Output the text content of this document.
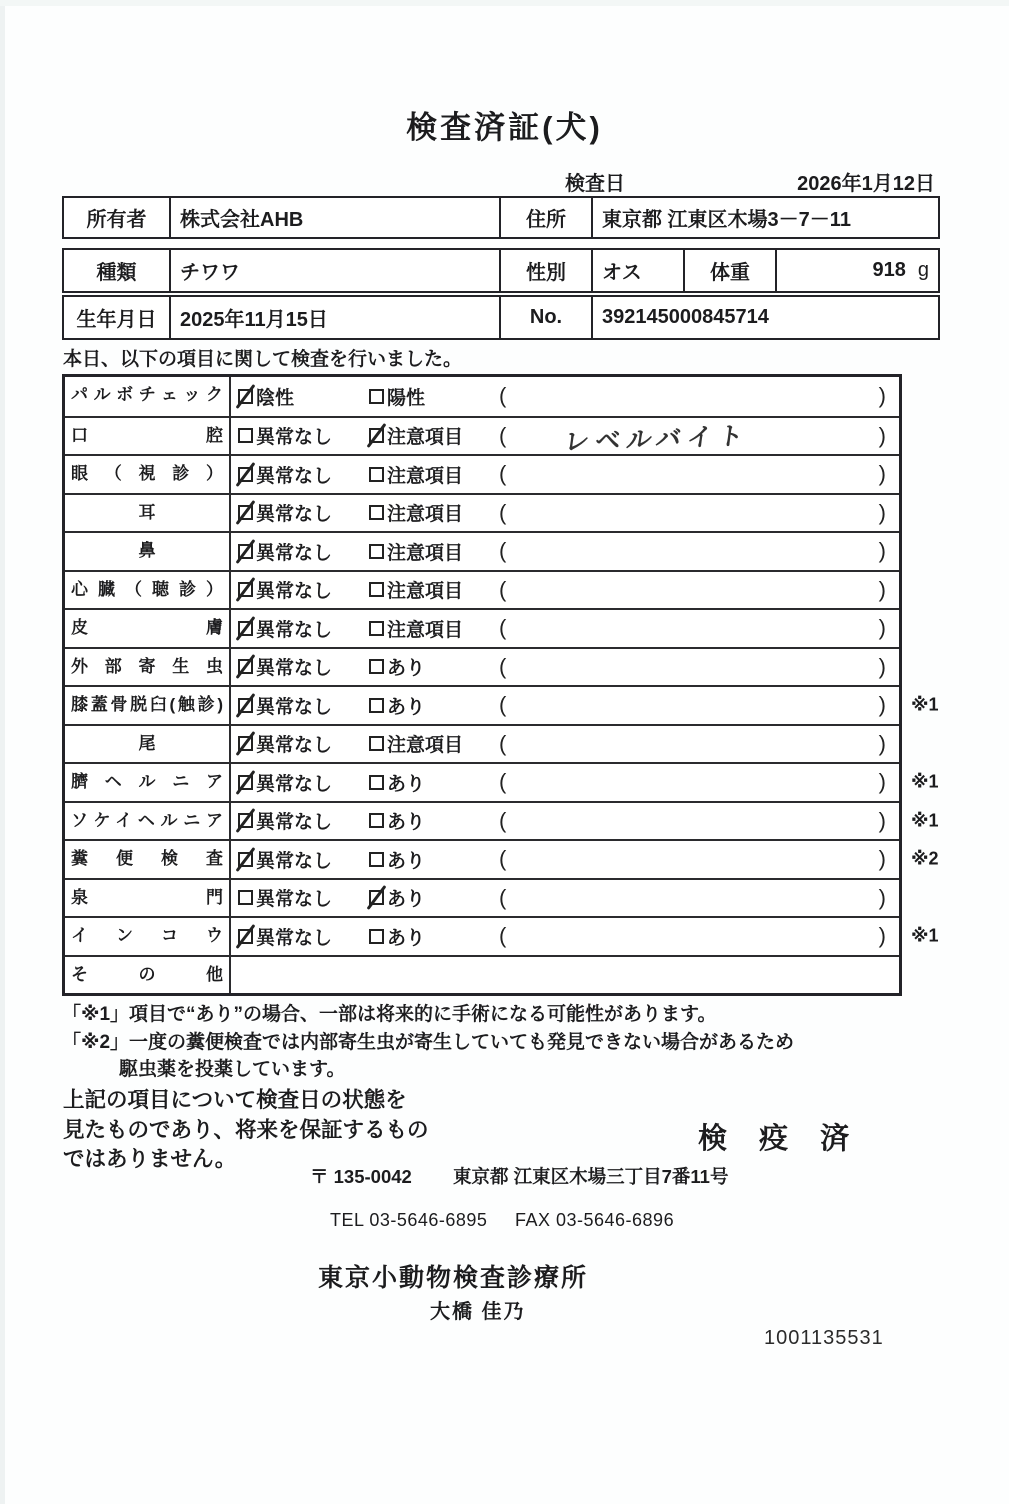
検査済証(犬)
検査日	2026年1月12日
所有者	株式会社AHB	住所	東京都 江東区木場3－7－11
種類	チワワ	性別	オス	体重	918 g
生年月日	2025年11月15日	No.	392145000845714
本日、以下の項目に関して検査を行いました。
パルボチェック	陰性	陽性	(	)
口腔	異常なし	注意項目 (	レベルバイト	)
眼（視診）	異常なし	注意項目 (	)
耳	異常なし	注意項目 (	)
鼻	異常なし	注意項目 (	)
心臓（聴診）	異常なし	注意項目 (	)
皮膚	異常なし	注意項目 (	)
外部寄生虫	異常なし	あり	(	)
膝蓋骨脱臼(触診)	異常なし	あり	(	)	※1
尾	異常なし	注意項目 (	)
臍ヘルニア	異常なし	あり	(	)	※1
ソケイヘルニア	異常なし	あり	(	)	※1
糞便検査	異常なし	あり	(	)	※2
泉門	異常なし	あり	(	)
インコウ	異常なし	あり	(	)	※1
その他
「※1」項目で“あり”の場合、一部は将来的に手術になる可能性があります。
「※2」一度の糞便検査では内部寄生虫が寄生していても発見できない場合があるため
駆虫薬を投薬しています。
上記の項目について検査日の状態を
見たものであり、将来を保証するもの
ではありません。
検 疫 済
〒 135-0042 東京都 江東区木場三丁目7番11号
TEL 03-5646-6895 FAX 03-5646-6896
東京小動物検査診療所
大橋 佳乃
1001135531
